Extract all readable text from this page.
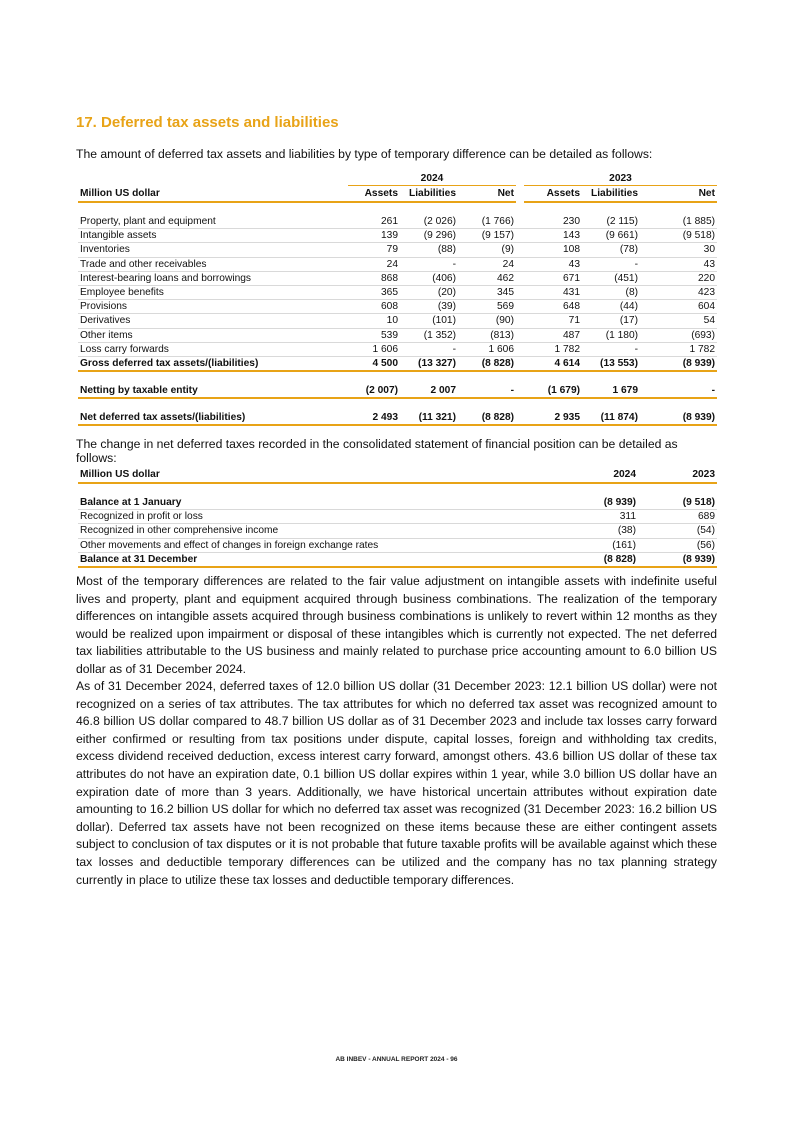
17. Deferred tax assets and liabilities
The amount of deferred tax assets and liabilities by type of temporary difference can be detailed as follows:
	2024				2023		
Million US dollar	Assets	Liabilities	Net		Assets	Liabilities	Net

Property, plant and equipment	261	(2 026)	(1 766)		230	(2 115)	(1 885)
Intangible assets	139	(9 296)	(9 157)		143	(9 661)	(9 518)
Inventories	79	(88)	(9)		108	(78)	30
Trade and other receivables	24	-	24		43	-	43
Interest-bearing loans and borrowings	868	(406)	462		671	(451)	220
Employee benefits	365	(20)	345		431	(8)	423
Provisions	608	(39)	569		648	(44)	604
Derivatives	10	(101)	(90)		71	(17)	54
Other items	539	(1 352)	(813)		487	(1 180)	(693)
Loss carry forwards	1 606	-	1 606		1 782	-	1 782
Gross deferred tax assets/(liabilities)	4 500	(13 327)	(8 828)		4 614	(13 553)	(8 939)

Netting by taxable entity	(2 007)	2 007	-		(1 679)	1 679	-

Net deferred tax assets/(liabilities)	2 493	(11 321)	(8 828)		2 935	(11 874)	(8 939)
The change in net deferred taxes recorded in the consolidated statement of financial position can be detailed as follows:
Million US dollar	2024	2023

Balance at 1 January	(8 939)	(9 518)
Recognized in profit or loss	311	689
Recognized in other comprehensive income	(38)	(54)
Other movements and effect of changes in foreign exchange rates	(161)	(56)
Balance at 31 December	(8 828)	(8 939)
Most of the temporary differences are related to the fair value adjustment on intangible assets with indefinite useful lives and property, plant and equipment acquired through business combinations. The realization of the temporary differences on intangible assets acquired through business combinations is unlikely to revert within 12 months as they would be realized upon impairment or disposal of these intangibles which is currently not expected. The net deferred tax liabilities attributable to the US business and mainly related to purchase price accounting amount to 6.0 billion US dollar as of 31 December 2024.
As of 31 December 2024, deferred taxes of 12.0 billion US dollar (31 December 2023: 12.1 billion US dollar) were not recognized on a series of tax attributes. The tax attributes for which no deferred tax asset was recognized amount to 46.8 billion US dollar compared to 48.7 billion US dollar as of 31 December 2023 and include tax losses carry forward either confirmed or resulting from tax positions under dispute, capital losses, foreign and withholding tax credits, excess dividend received deduction, excess interest carry forward, amongst others. 43.6 billion US dollar of these tax attributes do not have an expiration date, 0.1 billion US dollar expires within 1 year, while 3.0 billion US dollar have an expiration date of more than 3 years. Additionally, we have historical uncertain attributes without expiration date amounting to 16.2 billion US dollar for which no deferred tax asset was recognized (31 December 2023: 16.2 billion US dollar). Deferred tax assets have not been recognized on these items because these are either contingent assets subject to conclusion of tax disputes or it is not probable that future taxable profits will be available against which these tax losses and deductible temporary differences can be utilized and the company has no tax planning strategy currently in place to utilize these tax losses and deductible temporary differences.
AB INBEV - ANNUAL REPORT 2024 - 96
